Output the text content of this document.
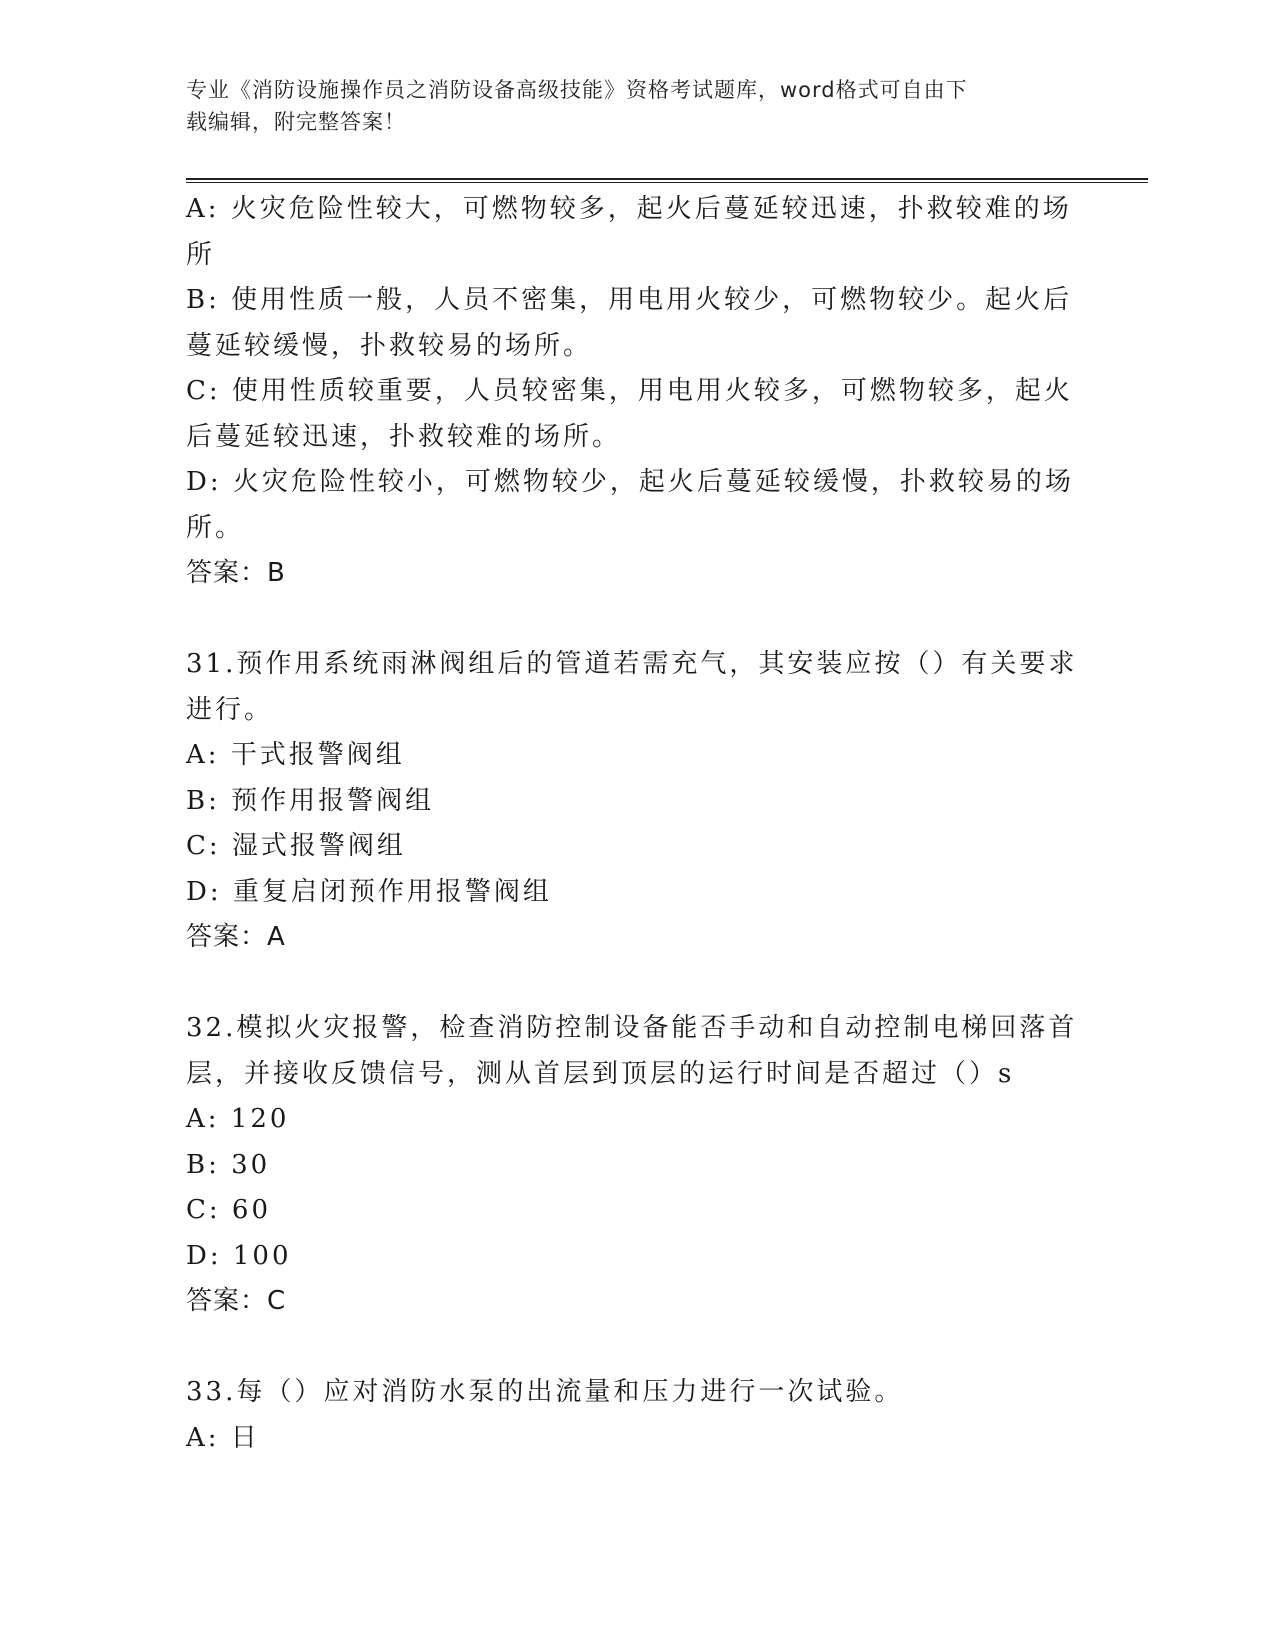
专业《消防设施操作员之消防设备高级技能》资格考试题库，word格式可自由下
载编辑，附完整答案！
A: 火灾危险性较大，可燃物较多，起火后蔓延较迅速，扑救较难的场
所
B: 使用性质一般，人员不密集，用电用火较少，可燃物较少。起火后
蔓延较缓慢，扑救较易的场所。
C: 使用性质较重要，人员较密集，用电用火较多，可燃物较多，起火
后蔓延较迅速，扑救较难的场所。
D: 火灾危险性较小，可燃物较少，起火后蔓延较缓慢，扑救较易的场
所。
答案：B
31.预作用系统雨淋阀组后的管道若需充气，其安装应按（）有关要求
进行。
A: 干式报警阀组
B: 预作用报警阀组
C: 湿式报警阀组
D: 重复启闭预作用报警阀组
答案：A
32.模拟火灾报警，检查消防控制设备能否手动和自动控制电梯回落首
层，并接收反馈信号，测从首层到顶层的运行时间是否超过（）s
A: 120
B: 30
C: 60
D: 100
答案：C
33.每（）应对消防水泵的出流量和压力进行一次试验。
A: 日
